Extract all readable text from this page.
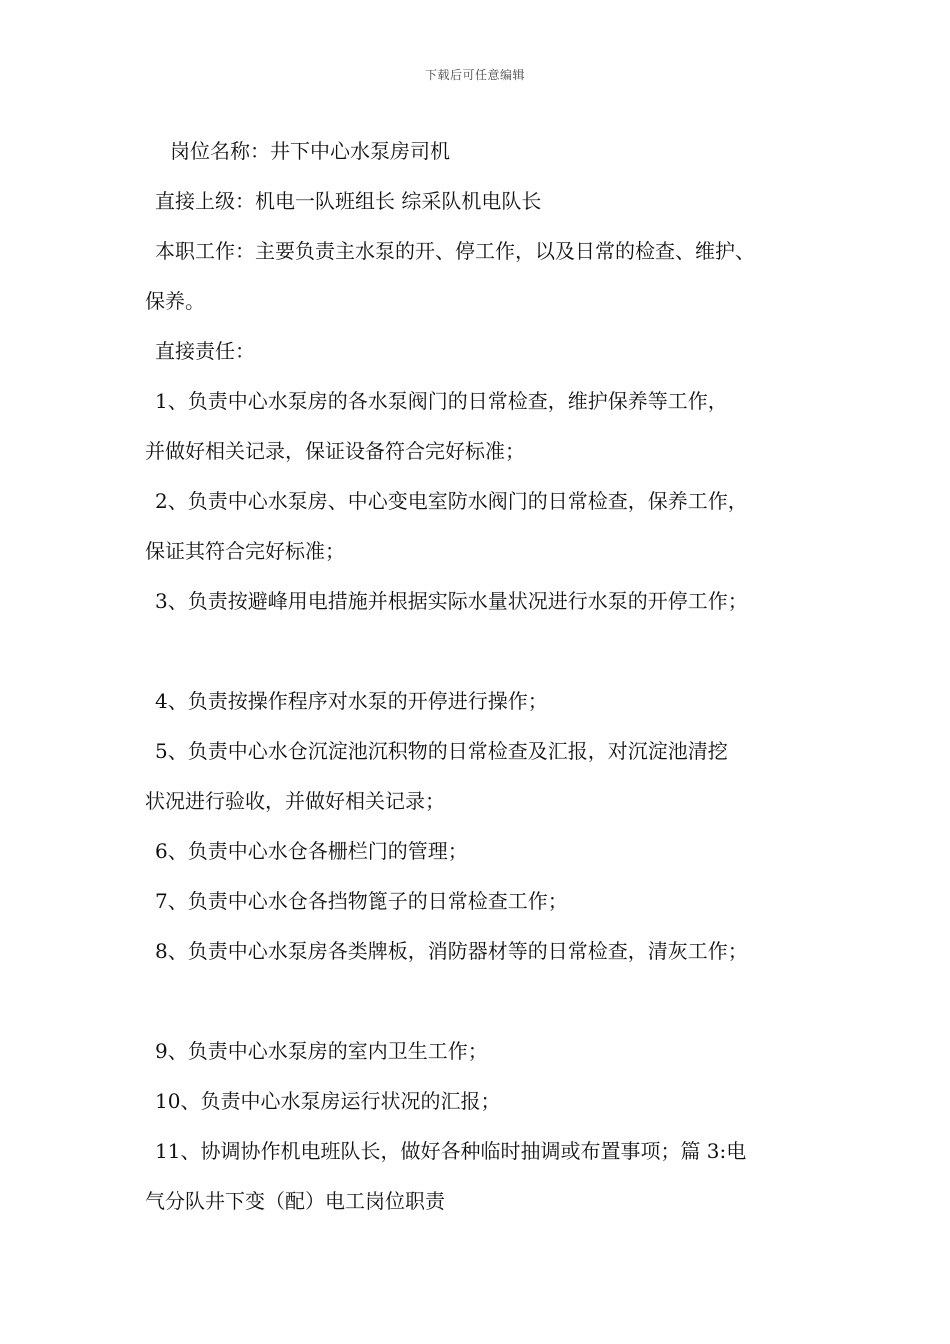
下载后可任意编辑
岗位名称：井下中心水泵房司机
直接上级：机电一队班组长 综采队机电队长
本职工作：主要负责主水泵的开、停工作，以及日常的检查、维护、
保养。
直接责任：
1、负责中心水泵房的各水泵阀门的日常检查，维护保养等工作，
并做好相关记录，保证设备符合完好标准；
2、负责中心水泵房、中心变电室防水阀门的日常检查，保养工作，
保证其符合完好标准；
3、负责按避峰用电措施并根据实际水量状况进行水泵的开停工作；
4、负责按操作程序对水泵的开停进行操作；
5、负责中心水仓沉淀池沉积物的日常检查及汇报，对沉淀池清挖
状况进行验收，并做好相关记录；
6、负责中心水仓各栅栏门的管理；
7、负责中心水仓各挡物篦子的日常检查工作；
8、负责中心水泵房各类牌板，消防器材等的日常检查，清灰工作；
9、负责中心水泵房的室内卫生工作；
10、负责中心水泵房运行状况的汇报；
11、协调协作机电班队长，做好各种临时抽调或布置事项；篇 3:电
气分队井下变（配）电工岗位职责
